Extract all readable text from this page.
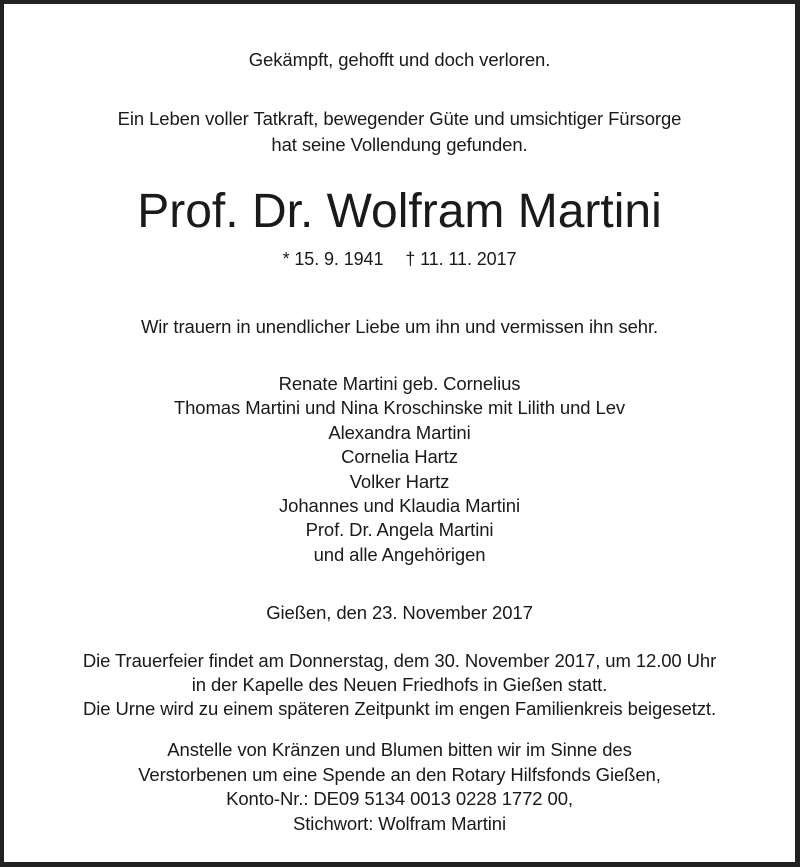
Gekämpft, gehofft und doch verloren.
Ein Leben voller Tatkraft, bewegender Güte und umsichtiger Fürsorge
hat seine Vollendung gefunden.
Prof. Dr. Wolfram Martini
* 15. 9. 1941 † 11. 11. 2017
Wir trauern in unendlicher Liebe um ihn und vermissen ihn sehr.
Renate Martini geb. Cornelius
Thomas Martini und Nina Kroschinske mit Lilith und Lev
Alexandra Martini
Cornelia Hartz
Volker Hartz
Johannes und Klaudia Martini
Prof. Dr. Angela Martini
und alle Angehörigen
Gießen, den 23. November 2017
Die Trauerfeier findet am Donnerstag, dem 30. November 2017, um 12.00 Uhr
in der Kapelle des Neuen Friedhofs in Gießen statt.
Die Urne wird zu einem späteren Zeitpunkt im engen Familienkreis beigesetzt.
Anstelle von Kränzen und Blumen bitten wir im Sinne des
Verstorbenen um eine Spende an den Rotary Hilfsfonds Gießen,
Konto-Nr.: DE09 5134 0013 0228 1772 00,
Stichwort: Wolfram Martini
